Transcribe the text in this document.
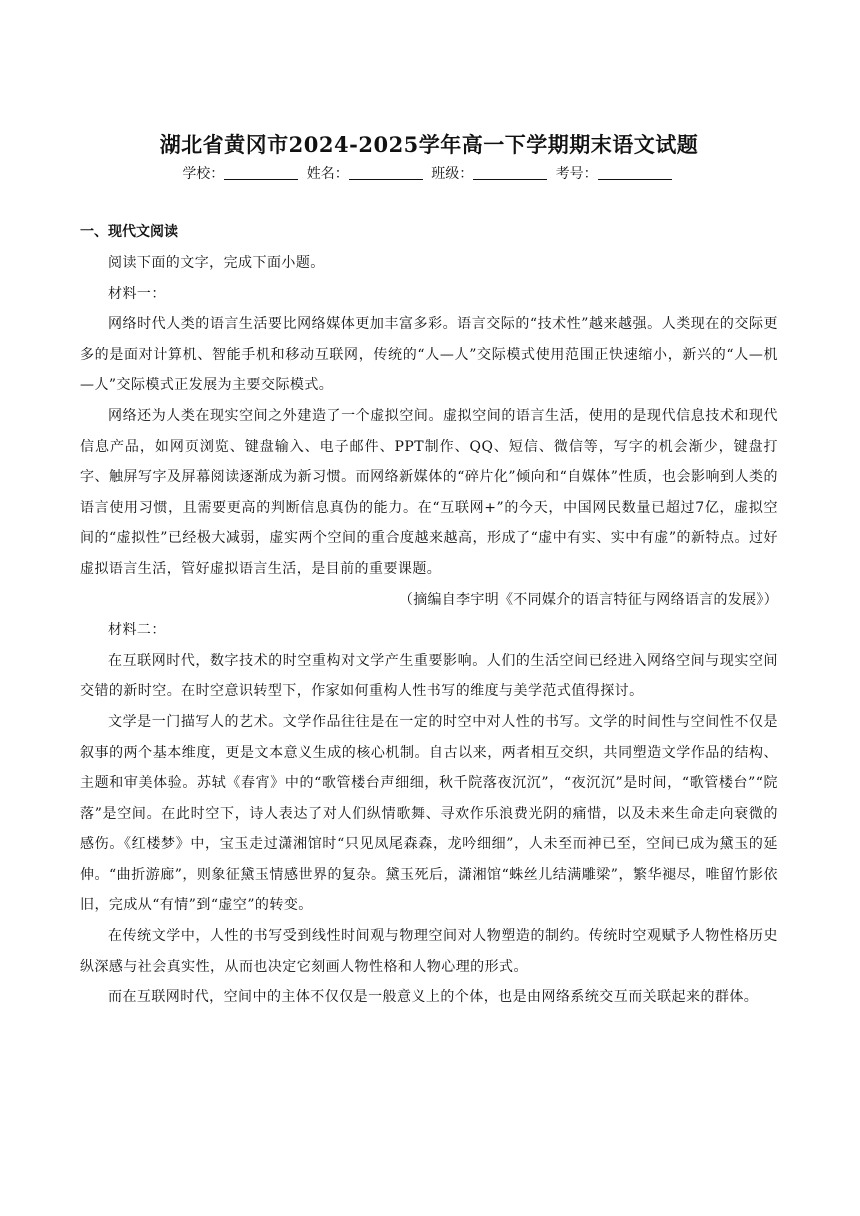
湖北省黄冈市2024-2025学年高一下学期期末语文试题
学校：	姓名：	班级：	考号：
一、现代文阅读

阅读下面的文字，完成下面小题。

材料一：

网络时代人类的语言生活要比网络媒体更加丰富多彩。语言交际的“技术性”越来越强。人类现在的交际更多的是面对计算机、智能手机和移动互联网，传统的“人—人”交际模式使用范围正快速缩小，新兴的“人—机—人”交际模式正发展为主要交际模式。

网络还为人类在现实空间之外建造了一个虚拟空间。虚拟空间的语言生活，使用的是现代信息技术和现代信息产品，如网页浏览、键盘输入、电子邮件、PPT制作、QQ、短信、微信等，写字的机会渐少，键盘打字、触屏写字及屏幕阅读逐渐成为新习惯。而网络新媒体的“碎片化”倾向和“自媒体”性质，也会影响到人类的语言使用习惯，且需要更高的判断信息真伪的能力。在“互联网+”的今天，中国网民数量已超过7亿，虚拟空间的“虚拟性”已经极大减弱，虚实两个空间的重合度越来越高，形成了“虚中有实、实中有虚”的新特点。过好虚拟语言生活，管好虚拟语言生活，是目前的重要课题。

（摘编自李宇明《不同媒介的语言特征与网络语言的发展》）

材料二：

在互联网时代，数字技术的时空重构对文学产生重要影响。人们的生活空间已经进入网络空间与现实空间交错的新时空。在时空意识转型下，作家如何重构人性书写的维度与美学范式值得探讨。

文学是一门描写人的艺术。文学作品往往是在一定的时空中对人性的书写。文学的时间性与空间性不仅是叙事的两个基本维度，更是文本意义生成的核心机制。自古以来，两者相互交织，共同塑造文学作品的结构、主题和审美体验。苏轼《春宵》中的“歌管楼台声细细，秋千院落夜沉沉”，“夜沉沉”是时间，“歌管楼台”“院落”是空间。在此时空下，诗人表达了对人们纵情歌舞、寻欢作乐浪费光阴的痛惜，以及未来生命走向衰微的感伤。《红楼梦》中，宝玉走过潇湘馆时“只见凤尾森森，龙吟细细”，人未至而神已至，空间已成为黛玉的延伸。“曲折游廊”，则象征黛玉情感世界的复杂。黛玉死后，潇湘馆“蛛丝儿结满雕梁”，繁华褪尽，唯留竹影依旧，完成从“有情”到“虚空”的转变。

在传统文学中，人性的书写受到线性时间观与物理空间对人物塑造的制约。传统时空观赋予人物性格历史纵深感与社会真实性，从而也决定它刻画人物性格和人物心理的形式。

而在互联网时代，空间中的主体不仅仅是一般意义上的个体，也是由网络系统交互而关联起来的群体。
